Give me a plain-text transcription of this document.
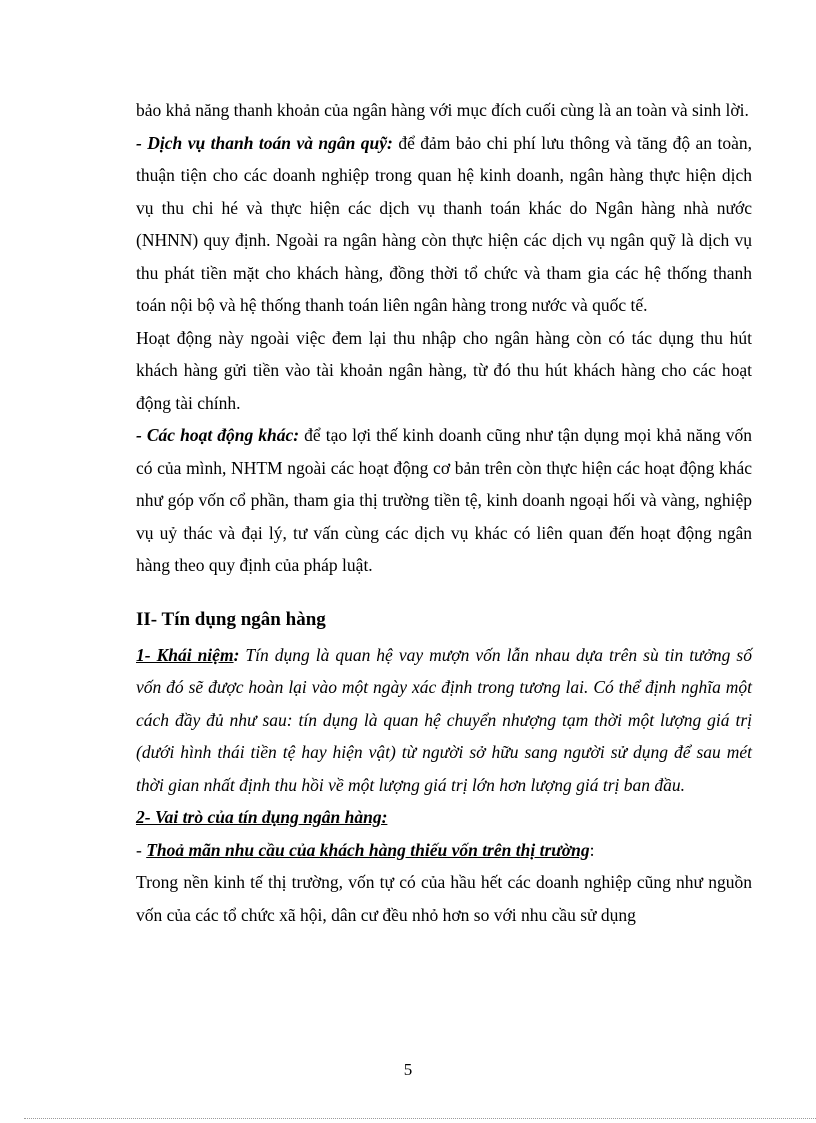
bảo khả năng thanh khoản của ngân hàng với mục đích cuối cùng là an toàn và sinh lời.

- Dịch vụ thanh toán và ngân quỹ: để đảm bảo chi phí lưu thông và tăng độ an toàn, thuận tiện cho các doanh nghiệp trong quan hệ kinh doanh, ngân hàng thực hiện dịch vụ thu chi hé và thực hiện các dịch vụ thanh toán khác do Ngân hàng nhà nước (NHNN) quy định. Ngoài ra ngân hàng còn thực hiện các dịch vụ ngân quỹ là dịch vụ thu phát tiền mặt cho khách hàng, đồng thời tổ chức và tham gia các hệ thống thanh toán nội bộ và hệ thống thanh toán liên ngân hàng trong nước và quốc tế.

Hoạt động này ngoài việc đem lại thu nhập cho ngân hàng còn có tác dụng thu hút khách hàng gửi tiền vào tài khoản ngân hàng, từ đó thu hút khách hàng cho các hoạt động tài chính.

- Các hoạt động khác: để tạo lợi thế kinh doanh cũng như tận dụng mọi khả năng vốn có của mình, NHTM ngoài các hoạt động cơ bản trên còn thực hiện các hoạt động khác như góp vốn cổ phần, tham gia thị trường tiền tệ, kinh doanh ngoại hối và vàng, nghiệp vụ uỷ thác và đại lý, tư vấn cùng các dịch vụ khác có liên quan đến hoạt động ngân hàng theo quy định của pháp luật.

II- Tín dụng ngân hàng

1- Khái niệm: Tín dụng là quan hệ vay mượn vốn lẫn nhau dựa trên sù tin tưởng số vốn đó sẽ được hoàn lại vào một ngày xác định trong tương lai. Có thể định nghĩa một cách đầy đủ như sau: tín dụng là quan hệ chuyển nhượng tạm thời một lượng giá trị (dưới hình thái tiền tệ hay hiện vật) từ người sở hữu sang người sử dụng để sau mét thời gian nhất định thu hồi về một lượng giá trị lớn hơn lượng giá trị ban đầu.

2- Vai trò của tín dụng ngân hàng:

- Thoả mãn nhu cầu của khách hàng thiếu vốn trên thị trường:

Trong nền kinh tế thị trường, vốn tự có của hầu hết các doanh nghiệp cũng như nguồn vốn của các tổ chức xã hội, dân cư đều nhỏ hơn so với nhu cầu sử dụng

5
